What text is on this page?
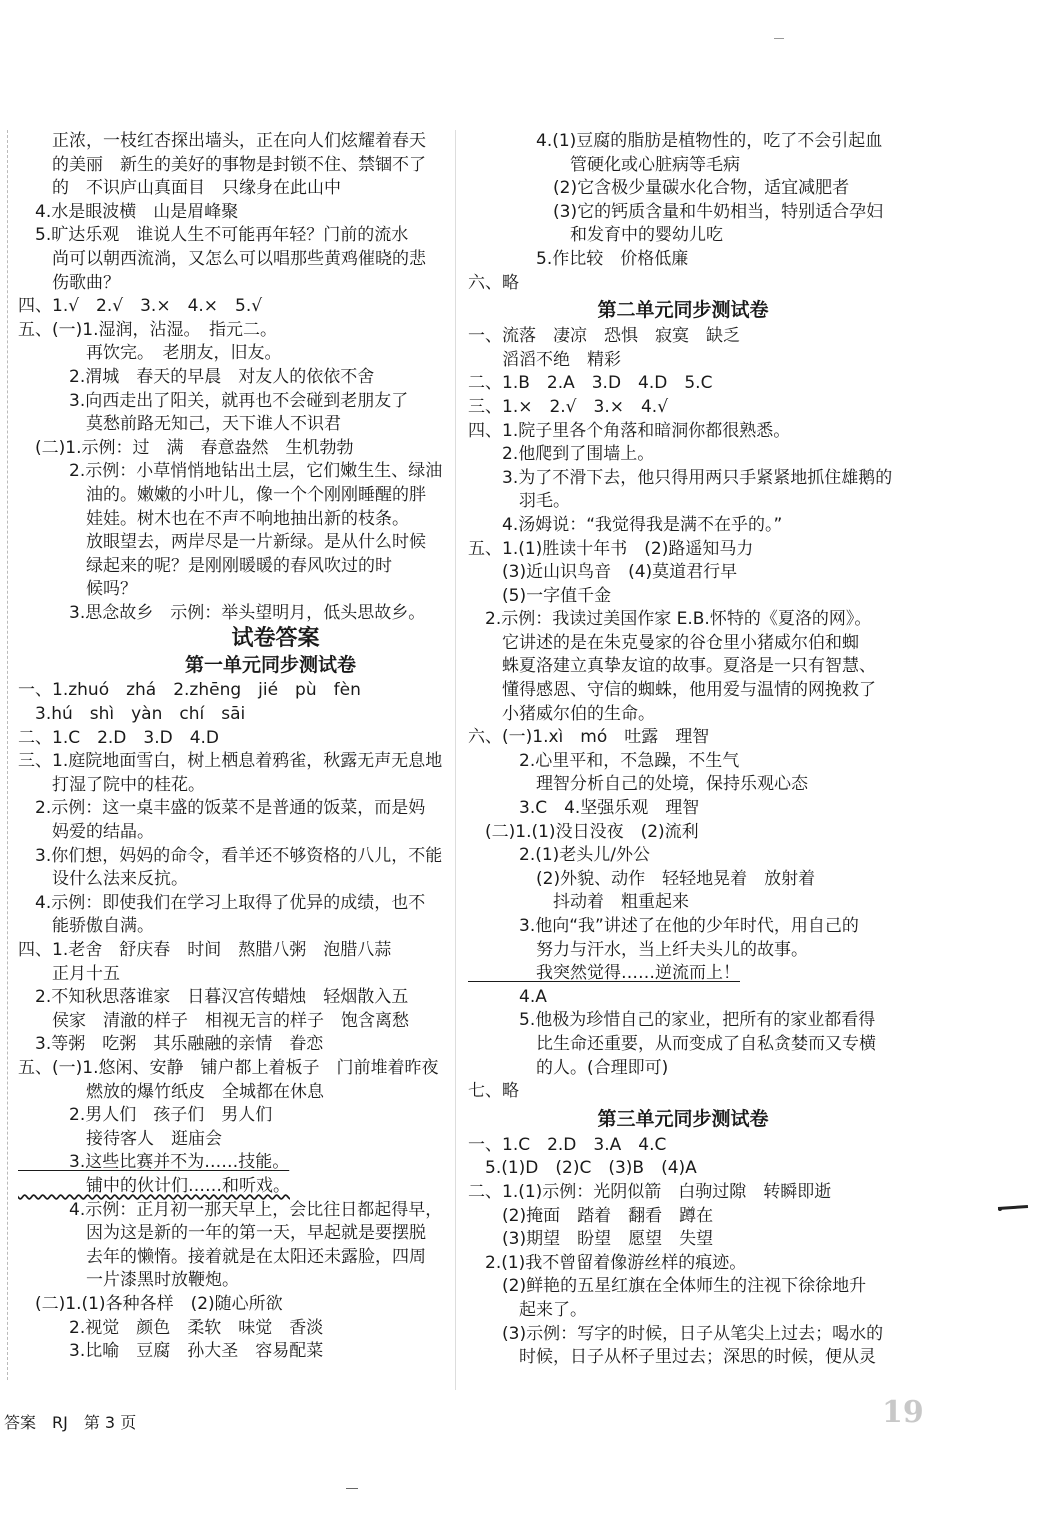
　　正浓，一枝红杏探出墙头，正在向人们炫耀着春天
　　的美丽　新生的美好的事物是封锁不住、禁锢不了
　　的　不识庐山真面目　只缘身在此山中
　4.水是眼波横　山是眉峰聚
　5.旷达乐观　谁说人生不可能再年轻？门前的流水
　　尚可以朝西流淌，又怎么可以唱那些黄鸡催晓的悲
　　伤歌曲？
四、1.√　2.√　3.×　4.×　5.√
五、(一)1.湿润，沾湿。　指元二。
　　　　再饮完。　老朋友，旧友。
　　　2.渭城　春天的早晨　对友人的依依不舍
　　　3.向西走出了阳关，就再也不会碰到老朋友了
　　　　莫愁前路无知己，天下谁人不识君
　(二)1.示例：过　满　春意盎然　生机勃勃
　　　2.示例：小草悄悄地钻出土层，它们嫩生生、绿油
　　　　油的。嫩嫩的小叶儿，像一个个刚刚睡醒的胖
　　　　娃娃。树木也在不声不响地抽出新的枝条。
　　　　放眼望去，两岸尽是一片新绿。是从什么时候
　　　　绿起来的呢？是刚刚暖暖的春风吹过的时
　　　　候吗？
　　　3.思念故乡　示例：举头望明月，低头思故乡。
试卷答案
第一单元同步测试卷
一、1.zhuó　zhá　2.zhēng　jié　pù　fèn
　3.hú　shì　yàn　chí　sāi
二、1.C　2.D　3.D　4.D
三、1.庭院地面雪白，树上栖息着鸦雀，秋露无声无息地
　　打湿了院中的桂花。
　2.示例：这一桌丰盛的饭菜不是普通的饭菜，而是妈
　　妈爱的结晶。
　3.你们想，妈妈的命令，看羊还不够资格的八儿，不能
　　设什么法来反抗。
　4.示例：即使我们在学习上取得了优异的成绩，也不
　　能骄傲自满。
四、1.老舍　舒庆春　时间　熬腊八粥　泡腊八蒜
　　正月十五
　2.不知秋思落谁家　日暮汉宫传蜡烛　轻烟散入五
　　侯家　清澈的样子　相视无言的样子　饱含离愁
　3.等粥　吃粥　其乐融融的亲情　眷恋
五、(一)1.悠闲、安静　铺户都上着板子　门前堆着昨夜
　　　　燃放的爆竹纸皮　全城都在休息
　　　2.男人们　孩子们　男人们
　　　　接待客人　逛庙会
　　　3.这些比赛并不为……技能。
　　　　铺中的伙计们……和听戏。
　　　4.示例：正月初一那天早上，会比往日都起得早，
　　　　因为这是新的一年的第一天，早起就是要摆脱
　　　　去年的懒惰。接着就是在太阳还未露脸，四周
　　　　一片漆黑时放鞭炮。
　(二)1.(1)各种各样　(2)随心所欲
　　　2.视觉　颜色　柔软　味觉　香淡
　　　3.比喻　豆腐　孙大圣　容易配菜
　　　　4.(1)豆腐的脂肪是植物性的，吃了不会引起血
　　　　　　管硬化或心脏病等毛病
　　　　　(2)它含极少量碳水化合物，适宜减肥者
　　　　　(3)它的钙质含量和牛奶相当，特别适合孕妇
　　　　　　和发育中的婴幼儿吃
　　　　5.作比较　价格低廉
六、略
第二单元同步测试卷
一、流落　凄凉　恐惧　寂寞　缺乏
　　滔滔不绝　精彩
二、1.B　2.A　3.D　4.D　5.C
三、1.×　2.√　3.×　4.√
四、1.院子里各个角落和暗洞你都很熟悉。
　　2.他爬到了围墙上。
　　3.为了不滑下去，他只得用两只手紧紧地抓住雄鹅的
　　　羽毛。
　　4.汤姆说：“我觉得我是满不在乎的。”
五、1.(1)胜读十年书　(2)路遥知马力
　　(3)近山识鸟音　(4)莫道君行早
　　(5)一字值千金
　2.示例：我读过美国作家 E.B.怀特的《夏洛的网》。
　　它讲述的是在朱克曼家的谷仓里小猪威尔伯和蜘
　　蛛夏洛建立真挚友谊的故事。夏洛是一只有智慧、
　　懂得感恩、守信的蜘蛛，他用爱与温情的网挽救了
　　小猪威尔伯的生命。
六、(一)1.xì　mó　吐露　理智
　　　2.心里平和，不急躁，不生气
　　　　理智分析自己的处境，保持乐观心态
　　　3.C　4.坚强乐观　理智
　(二)1.(1)没日没夜　(2)流利
　　　2.(1)老头儿/外公
　　　　(2)外貌、动作　轻轻地晃着　放射着
　　　　　抖动着　粗重起来
　　　3.他向“我”讲述了在他的少年时代，用自己的
　　　　努力与汗水，当上纤夫头儿的故事。
　　　　我突然觉得……逆流而上！
　　　4.A
　　　5.他极为珍惜自己的家业，把所有的家业都看得
　　　　比生命还重要，从而变成了自私贪婪而又专横
　　　　的人。(合理即可)
七、略
第三单元同步测试卷
一、1.C　2.D　3.A　4.C
　5.(1)D　(2)C　(3)B　(4)A
二、1.(1)示例：光阴似箭　白驹过隙　转瞬即逝
　　(2)掩面　踏着　翻看　蹲在
　　(3)期望　盼望　愿望　失望
　2.(1)我不曾留着像游丝样的痕迹。
　　(2)鲜艳的五星红旗在全体师生的注视下徐徐地升
　　　起来了。
　　(3)示例：写字的时候，日子从笔尖上过去；喝水的
　　　时候，日子从杯子里过去；深思的时候，便从灵
答案　RJ　第 3 页	19
